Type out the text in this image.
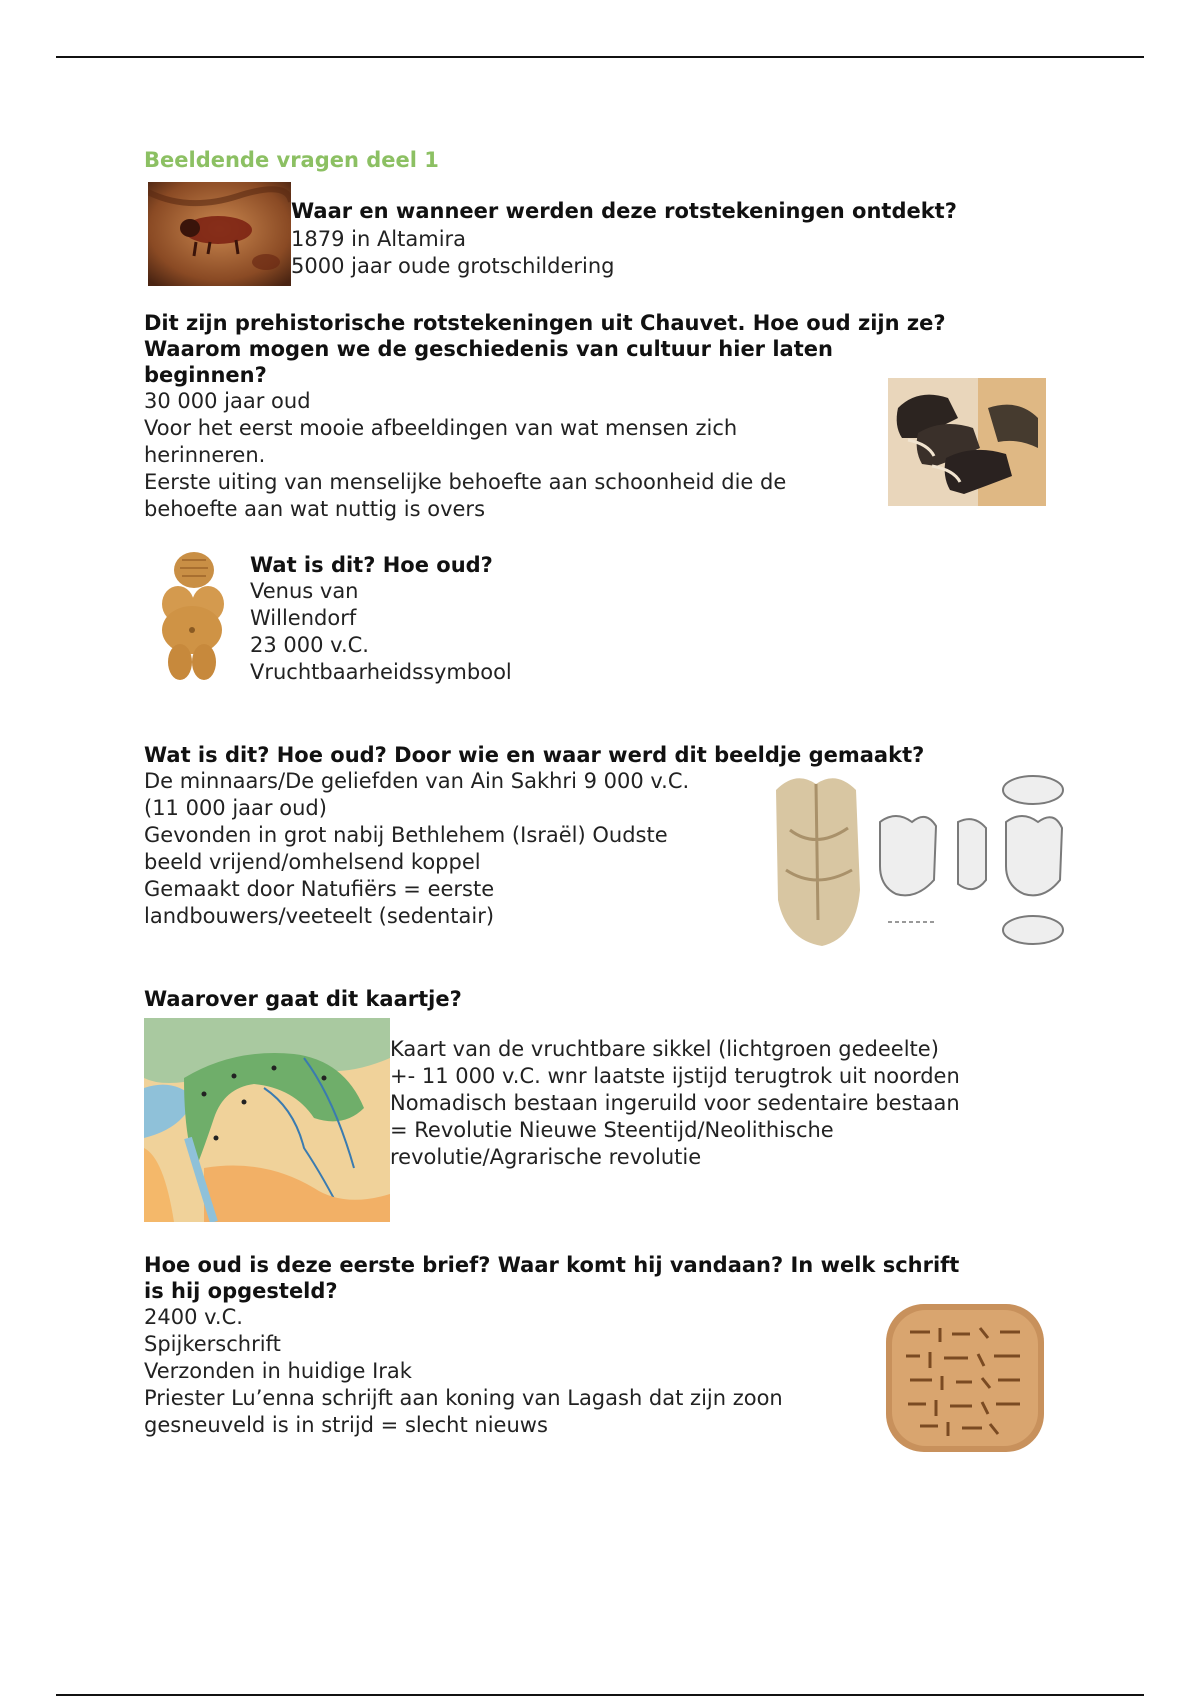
Beeldende vragen deel 1
Waar en wanneer werden deze rotstekeningen ontdekt?
1879 in Altamira
5000 jaar oude grotschildering
Dit zijn prehistorische rotstekeningen uit Chauvet. Hoe oud zijn ze?
Waarom mogen we de geschiedenis van cultuur hier laten
beginnen?
30 000 jaar oud
Voor het eerst mooie afbeeldingen van wat mensen zich
herinneren.
Eerste uiting van menselijke behoefte aan schoonheid die de
behoefte aan wat nuttig is overs
Wat is dit? Hoe oud?
Venus van
Willendorf
23 000 v.C.
Vruchtbaarheidssymbool
Wat is dit? Hoe oud? Door wie en waar werd dit beeldje gemaakt?
De minnaars/De geliefden van Ain Sakhri 9 000 v.C.
(11 000 jaar oud)
Gevonden in grot nabij Bethlehem (Israël) Oudste
beeld vrijend/omhelsend koppel
Gemaakt door Natufiërs = eerste
landbouwers/veeteelt (sedentair)
Waarover gaat dit kaartje?
Kaart van de vruchtbare sikkel (lichtgroen gedeelte)
+- 11 000 v.C. wnr laatste ijstijd terugtrok uit noorden
Nomadisch bestaan ingeruild voor sedentaire bestaan
= Revolutie Nieuwe Steentijd/Neolithische
revolutie/Agrarische revolutie
Hoe oud is deze eerste brief? Waar komt hij vandaan? In welk schrift
is hij opgesteld?
2400 v.C.
Spijkerschrift
Verzonden in huidige Irak
Priester Lu’enna schrijft aan koning van Lagash dat zijn zoon
gesneuveld is in strijd = slecht nieuws
